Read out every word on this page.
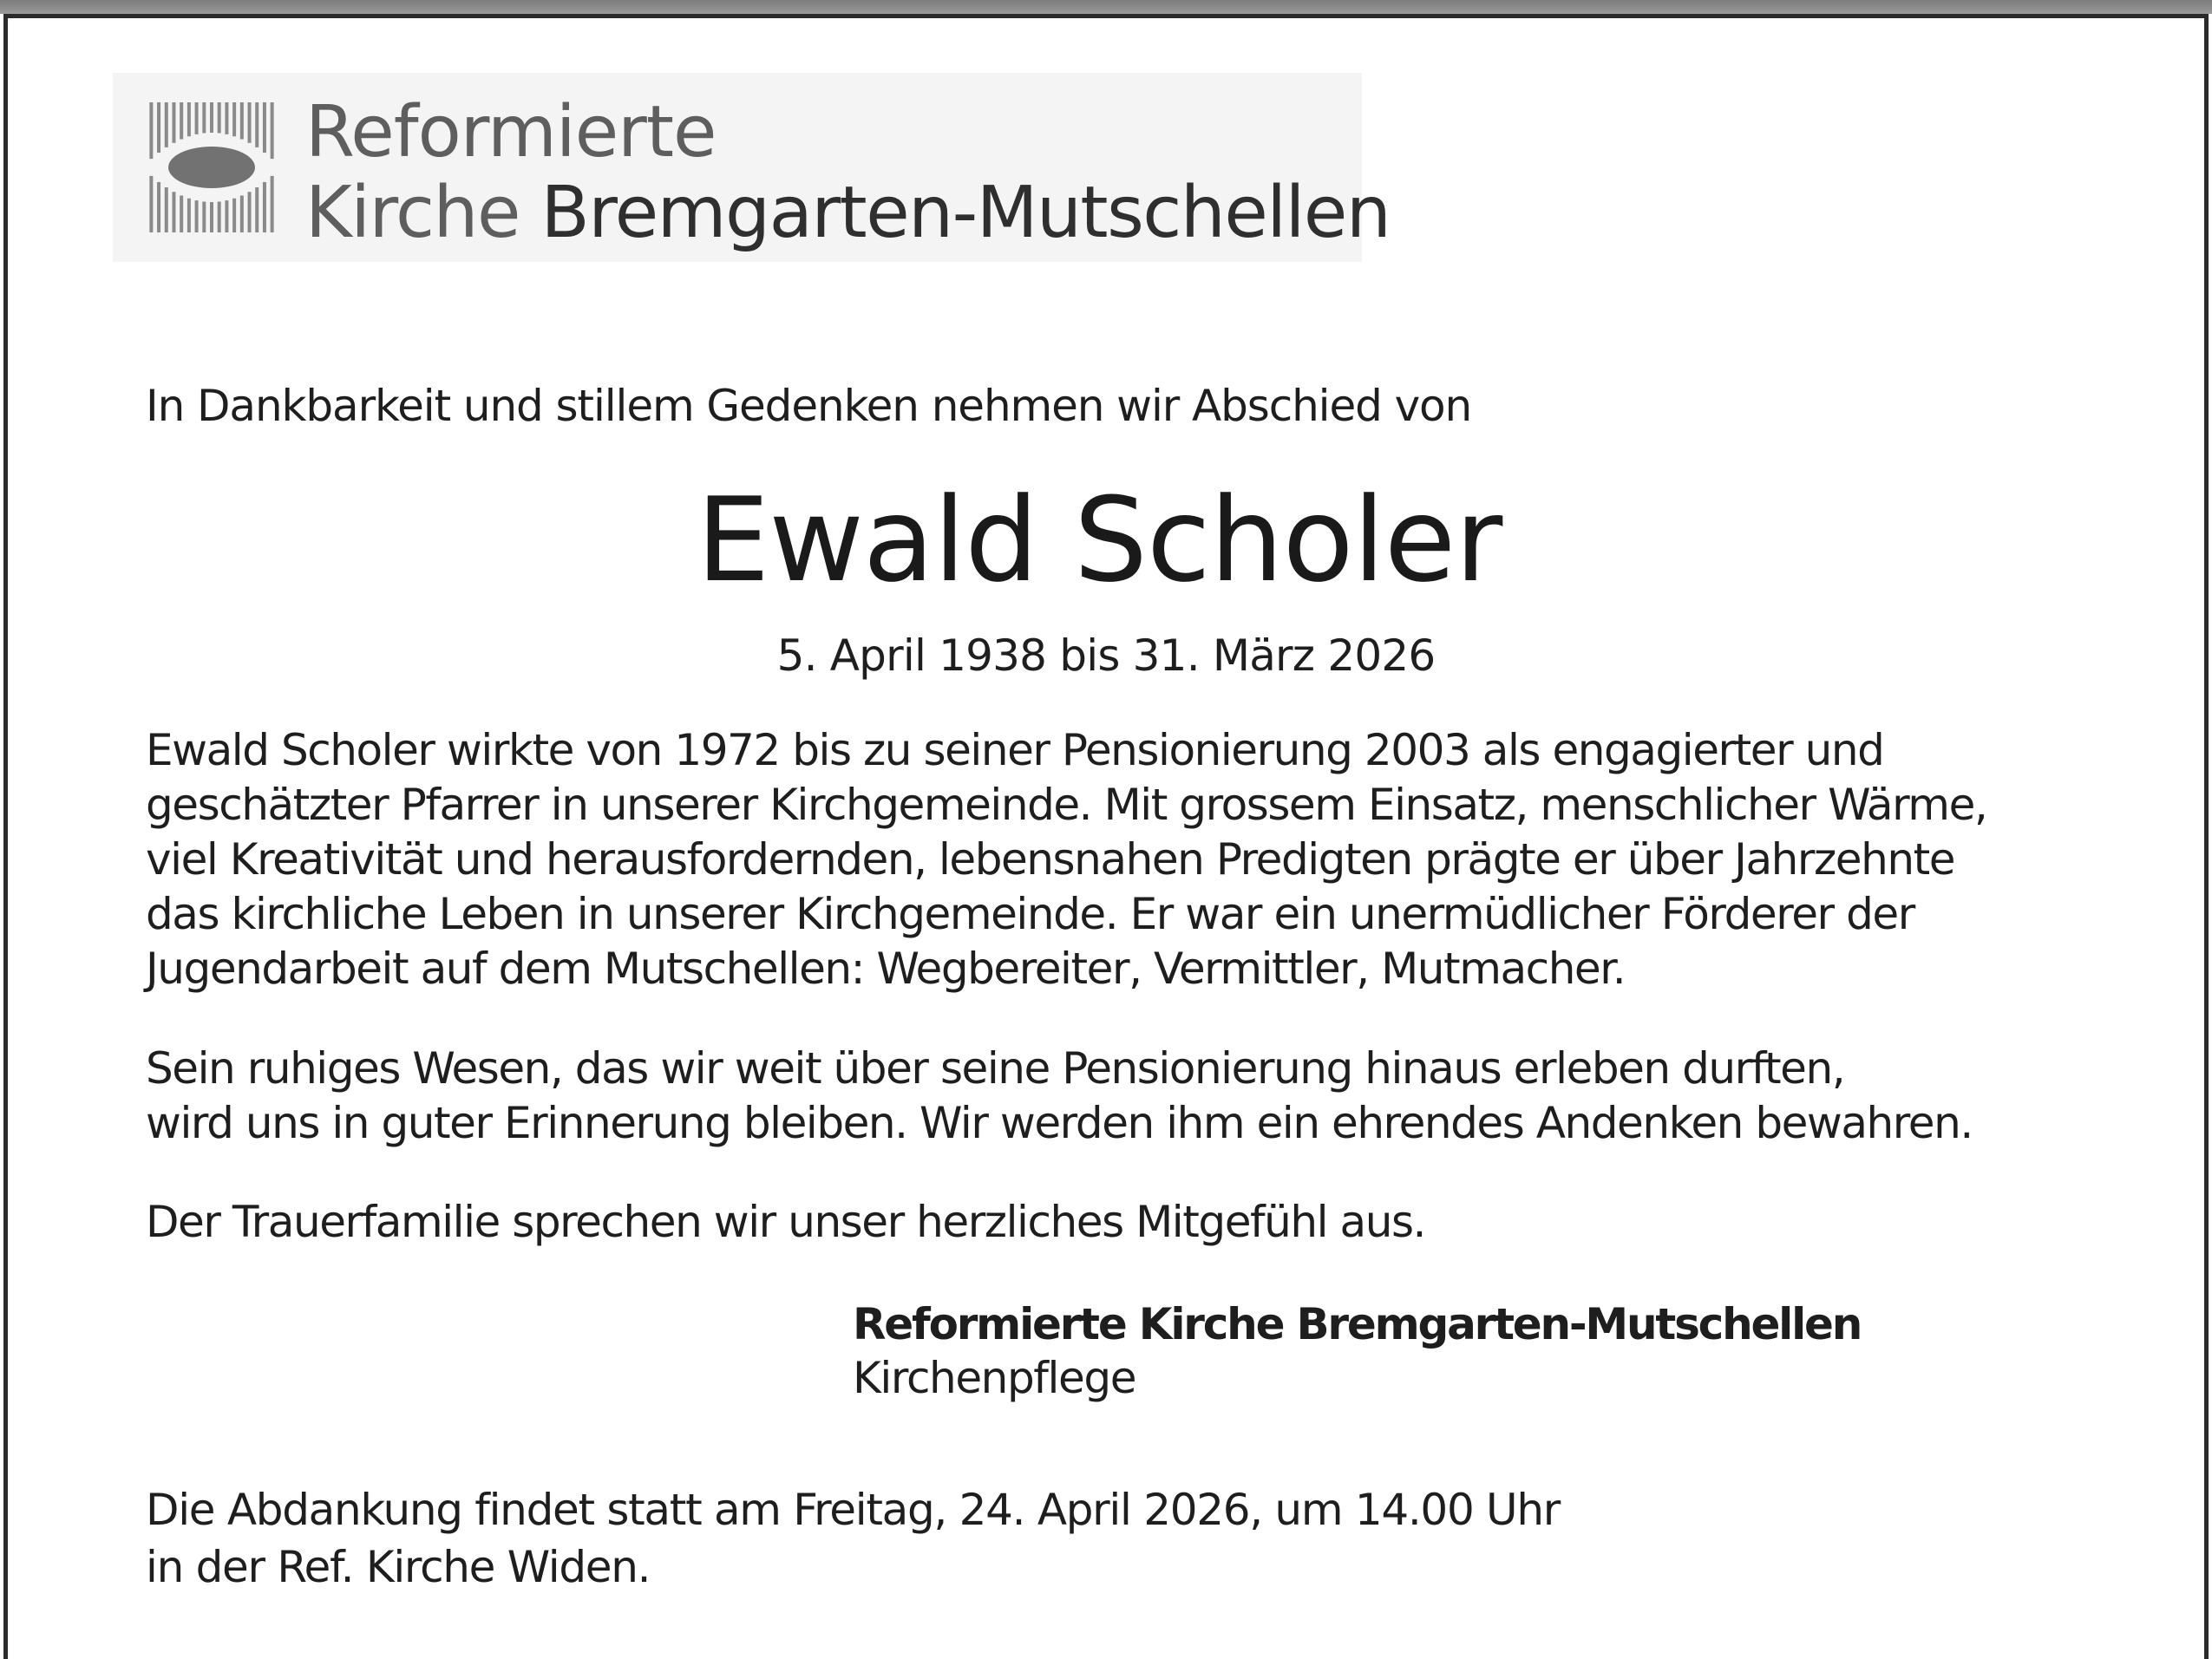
Reformierte
Kirche Bremgarten-Mutschellen

In Dankbarkeit und stillem Gedenken nehmen wir Abschied von

Ewald Scholer
5. April 1938 bis 31. März 2026
Ewald Scholer wirkte von 1972 bis zu seiner Pensionierung 2003 als engagierter und
geschätzter Pfarrer in unserer Kirchgemeinde. Mit grossem Einsatz, menschlicher Wärme,
viel Kreativität und herausfordernden, lebensnahen Predigten prägte er über Jahrzehnte
das kirchliche Leben in unserer Kirchgemeinde. Er war ein unermüdlicher Förderer der
Jugendarbeit auf dem Mutschellen: Wegbereiter, Vermittler, Mutmacher.
Sein ruhiges Wesen, das wir weit über seine Pensionierung hinaus erleben durften,
wird uns in guter Erinnerung bleiben. Wir werden ihm ein ehrendes Andenken bewahren.
Der Trauerfamilie sprechen wir unser herzliches Mitgefühl aus.
Reformierte Kirche Bremgarten-Mutschellen
Kirchenpflege
Die Abdankung findet statt am Freitag, 24. April 2026, um 14.00 Uhr
in der Ref. Kirche Widen.
